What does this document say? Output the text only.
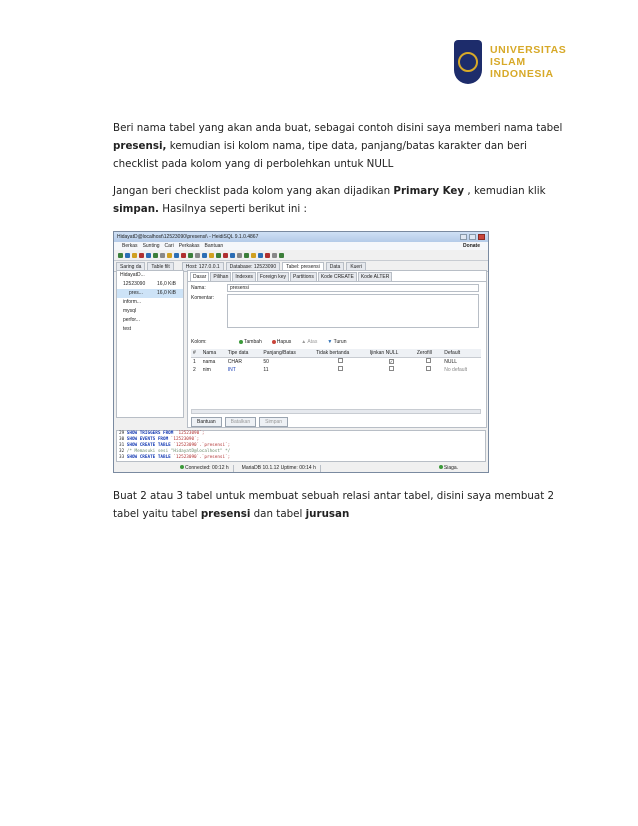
UNIVERSITAS
ISLAM
INDONESIA

Beri nama tabel yang akan anda buat, sebagai contoh disini saya memberi nama tabel presensi, kemudian isi kolom nama, tipe data, panjang/batas karakter dan beri checklist pada kolom yang di perbolehkan untuk NULL

Jangan beri checklist pada kolom yang akan dijadikan Primary Key , kemudian klik simpan. Hasilnya seperti berikut ini :

HidayatD@localhost\12523090\presensi\ - HeidiSQL 9.1.0.4867
Berkas Sunting Cari Perkakas Bantuan	Donate
Saring da	Table filt	Host: 127.0.0.1	Database: 12523090	Tabel: presensi	Data	Kueri
HidayatD...
12523090	16,0 KiB
pres...	16,0 KiB
inform...
mysql
perfor...
test
Dasar	Pilihan	Indexes	Foreign key	Partitions	Kode CREATE	Kode ALTER
Nama:	presensi
Komentar:
Kolom:	Tambah	Hapus ▲ Atas ▼ Turun
#	Nama	Tipe data	Panjang/Batas	Tidak bertanda	Ijinkan NULL	Zerofill	Default
1	nama	CHAR	50		✓		NULL
2	nim	INT	11				No default
Bantuan	Batalkan	Simpan
29 SHOW TRIGGERS FROM `12523090`;
30 SHOW EVENTS FROM `12523090`;
31 SHOW CREATE TABLE `12523090`.`presensi`;
32 /* Memasuki sesi "HidayatD@localhost" */
33 SHOW CREATE TABLE `12523090`.`presensi`;
Connected: 00:12 h	MariaDB 10.1.12 Uptime: 00:14 h	Siaga.

Buat 2 atau 3 tabel untuk membuat sebuah relasi antar tabel, disini saya membuat 2 tabel yaitu tabel presensi dan tabel jurusan
